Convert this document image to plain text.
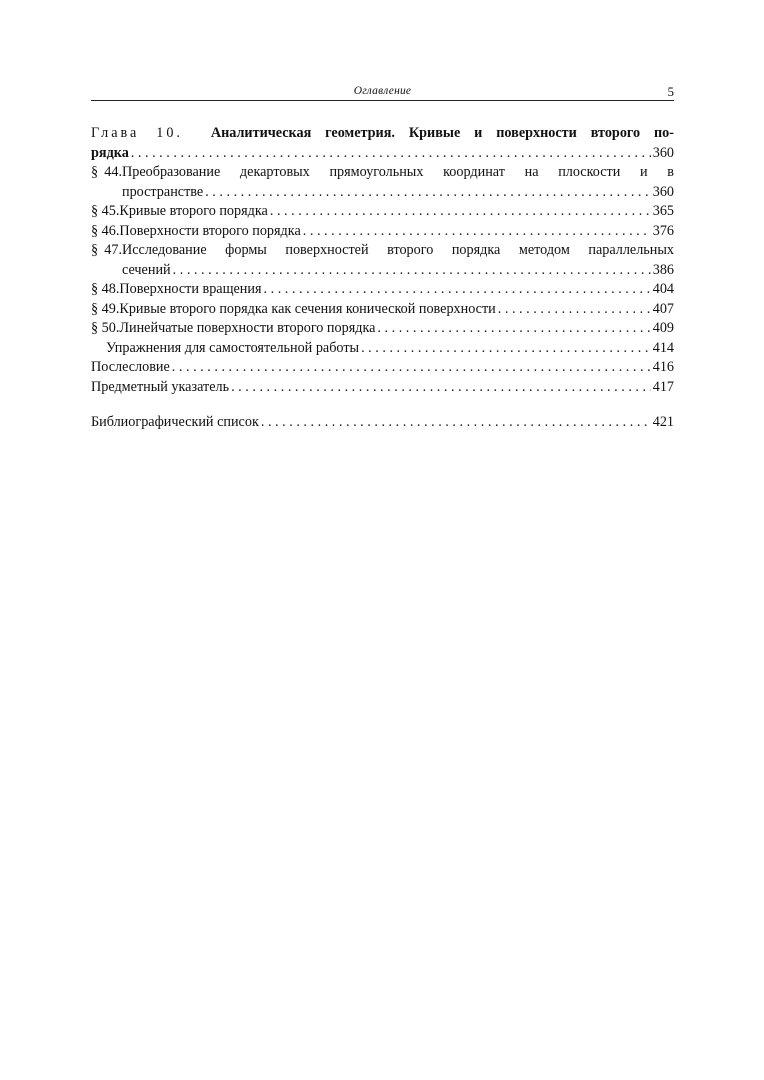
Оглавление	5
Глава 10. Аналитическая геометрия. Кривые и поверхности второго по-
рядка . . .	360
§ 44.Преобразование декартовых прямоугольных координат на плоскости и в
пространстве . . .	360
§ 45. Кривые второго порядка . . .	365
§ 46. Поверхности второго порядка . . .	376
§ 47.Исследование формы поверхностей второго порядка методом параллельных
сечений . . .	386
§ 48. Поверхности вращения . . .	404
§ 49. Кривые второго порядка как сечения конической поверхности . . .	407
§ 50. Линейчатые поверхности второго порядка . . .	409
Упражнения для самостоятельной работы . . .	414
Послесловие . . .	416
Предметный указатель . . .	417
Библиографический список . . .	421
